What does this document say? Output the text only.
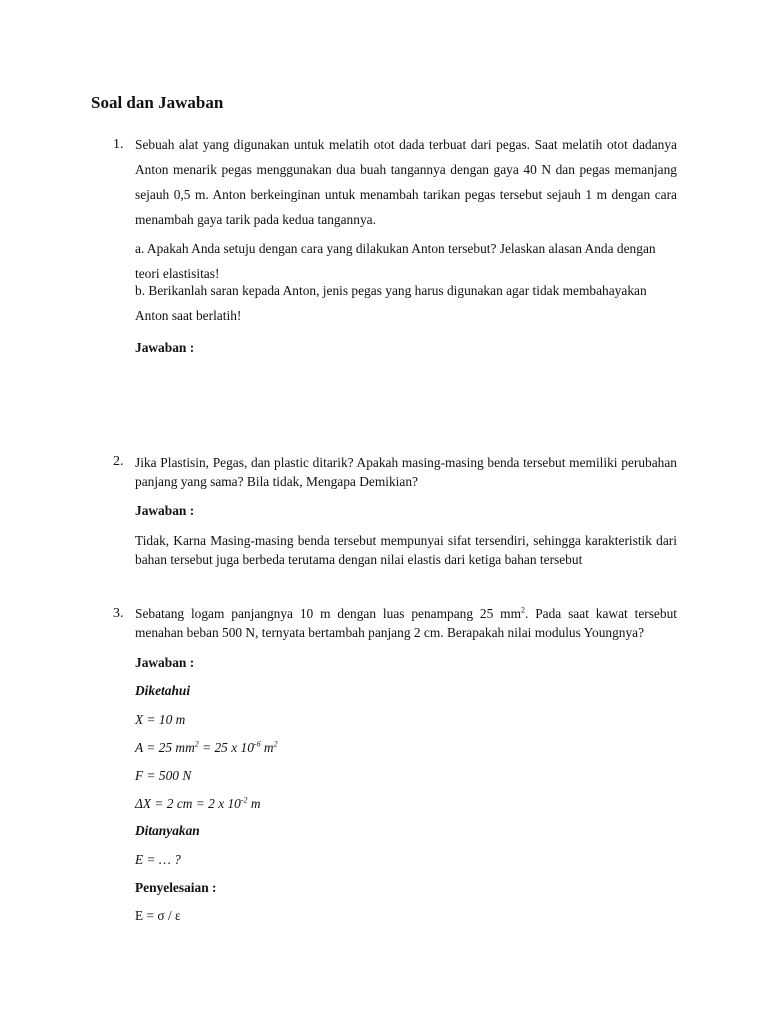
Soal dan Jawaban
1. Sebuah alat yang digunakan untuk melatih otot dada terbuat dari pegas. Saat melatih otot dadanya Anton menarik pegas menggunakan dua buah tangannya dengan gaya 40 N dan pegas memanjang sejauh 0,5 m. Anton berkeinginan untuk menambah tarikan pegas tersebut sejauh 1 m dengan cara menambah gaya tarik pada kedua tangannya.

a. Apakah Anda setuju dengan cara yang dilakukan Anton tersebut? Jelaskan alasan Anda dengan teori elastisitas!

b. Berikanlah saran kepada Anton, jenis pegas yang harus digunakan agar tidak membahayakan Anton saat berlatih!

Jawaban :
2. Jika Plastisin, Pegas, dan plastic ditarik? Apakah masing-masing benda tersebut memiliki perubahan panjang yang sama? Bila tidak, Mengapa Demikian?

Jawaban :

Tidak, Karna Masing-masing benda tersebut mempunyai sifat tersendiri, sehingga karakteristik dari bahan tersebut juga berbeda terutama dengan nilai elastis dari ketiga bahan tersebut

3. Sebatang logam panjangnya 10 m dengan luas penampang 25 $mm^2$. Pada saat kawat tersebut menahan beban 500 N, ternyata bertambah panjang 2 cm. Berapakah nilai modulus Youngnya?

Jawaban :
Diketahui
X = 10 m
A = 25 $mm^2 = 25$ x $10^{-6}$ $m^2$
F = 500 N
ΔX = 2 cm = 2 x $10^{-2}$ m
Ditanyakan
E = … ?
Penyelesaian :
E = σ / ε
